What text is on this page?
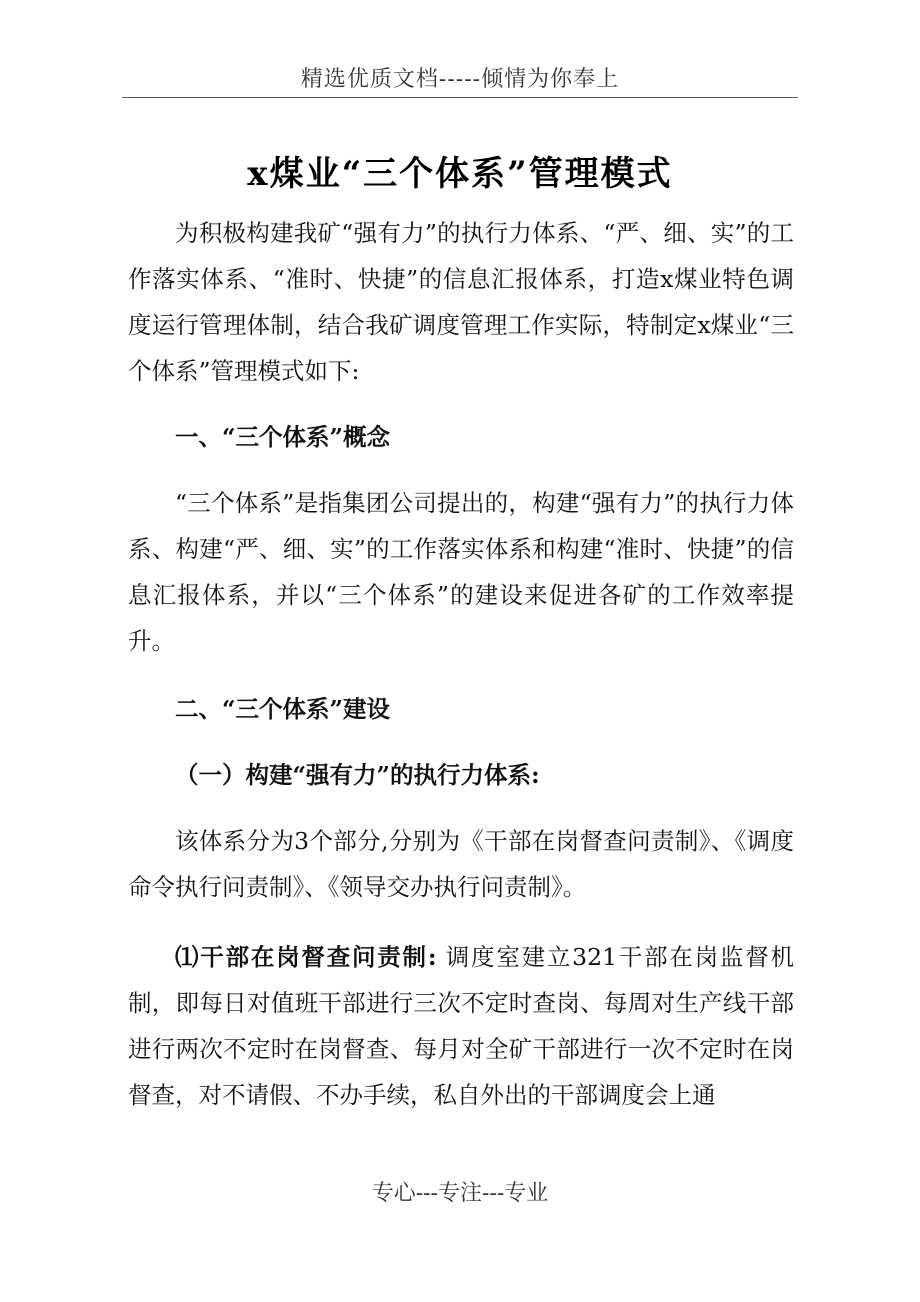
精选优质文档-----倾情为你奉上
x煤业“三个体系”管理模式

为积极构建我矿“强有力”的执行力体系、“严、细、实”的工作落实体系、“准时、快捷”的信息汇报体系，打造x煤业特色调度运行管理体制，结合我矿调度管理工作实际，特制定x煤业“三个体系”管理模式如下:

一、“三个体系”概念

“三个体系”是指集团公司提出的，构建“强有力”的执行力体系、构建“严、细、实”的工作落实体系和构建“准时、快捷”的信息汇报体系，并以“三个体系”的建设来促进各矿的工作效率提升。

二、“三个体系”建设

（一）构建“强有力”的执行力体系:

该体系分为3个部分,分别为《干部在岗督查问责制》、《调度命令执行问责制》、《领导交办执行问责制》。

⑴干部在岗督查问责制: 调度室建立321干部在岗监督机制，即每日对值班干部进行三次不定时查岗、每周对生产线干部进行两次不定时在岗督查、每月对全矿干部进行一次不定时在岗督查，对不请假、不办手续，私自外出的干部调度会上通

专心---专注---专业
